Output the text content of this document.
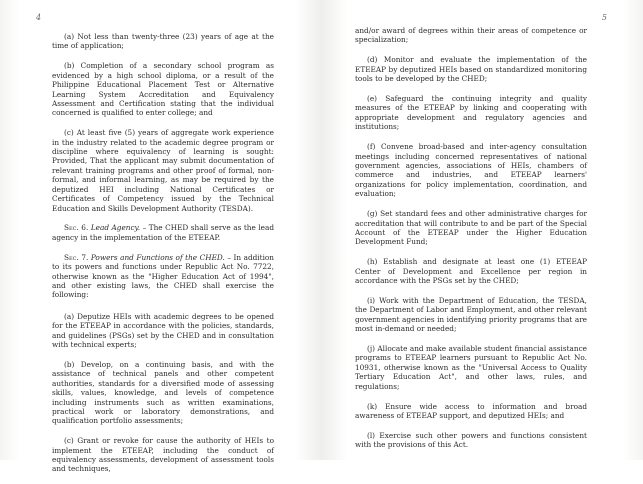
4

(a) Not less than twenty-three (23) years of age at the time of application;

(b) Completion of a secondary school program as evidenced by a high school diploma, or a result of the Philippine Educational Placement Test or Alternative Learning System Accreditation and Equivalency Assessment and Certification stating that the individual concerned is qualified to enter college; and

(c) At least five (5) years of aggregate work experience in the industry related to the academic degree program or discipline where equivalency of learning is sought: Provided, That the applicant may submit documentation of relevant training programs and other proof of formal, non-formal, and informal learning, as may be required by the deputized HEI including National Certificates or Certificates of Competency issued by the Technical Education and Skills Development Authority (TESDA).

Sec. 6. Lead Agency. – The CHED shall serve as the lead agency in the implementation of the ETEEAP.

Sec. 7. Powers and Functions of the CHED. – In addition to its powers and functions under Republic Act No. 7722, otherwise known as the "Higher Education Act of 1994", and other existing laws, the CHED shall exercise the following:

(a) Deputize HEIs with academic degrees to be opened for the ETEEAP in accordance with the policies, standards, and guidelines (PSGs) set by the CHED and in consultation with technical experts;

(b) Develop, on a continuing basis, and with the assistance of technical panels and other competent authorities, standards for a diversified mode of assessing skills, values, knowledge, and levels of competence including instruments such as written examinations, practical work or laboratory demonstrations, and qualification portfolio assessments;

(c) Grant or revoke for cause the authority of HEIs to implement the ETEEAP, including the conduct of equivalency assessments, development of assessment tools and techniques,

5

and/or award of degrees within their areas of competence or specialization;

(d) Monitor and evaluate the implementation of the ETEEAP by deputized HEIs based on standardized monitoring tools to be developed by the CHED;

(e) Safeguard the continuing integrity and quality measures of the ETEEAP by linking and cooperating with appropriate development and regulatory agencies and institutions;

(f) Convene broad-based and inter-agency consultation meetings including concerned representatives of national government agencies, associations of HEIs, chambers of commerce and industries, and ETEEAP learners' organizations for policy implementation, coordination, and evaluation;

(g) Set standard fees and other administrative charges for accreditation that will contribute to and be part of the Special Account of the ETEEAP under the Higher Education Development Fund;

(h) Establish and designate at least one (1) ETEEAP Center of Development and Excellence per region in accordance with the PSGs set by the CHED;

(i) Work with the Department of Education, the TESDA, the Department of Labor and Employment, and other relevant government agencies in identifying priority programs that are most in-demand or needed;

(j) Allocate and make available student financial assistance programs to ETEEAP learners pursuant to Republic Act No. 10931, otherwise known as the "Universal Access to Quality Tertiary Education Act", and other laws, rules, and regulations;

(k) Ensure wide access to information and broad awareness of ETEEAP support, and deputized HEIs; and

(l) Exercise such other powers and functions consistent with the provisions of this Act.
